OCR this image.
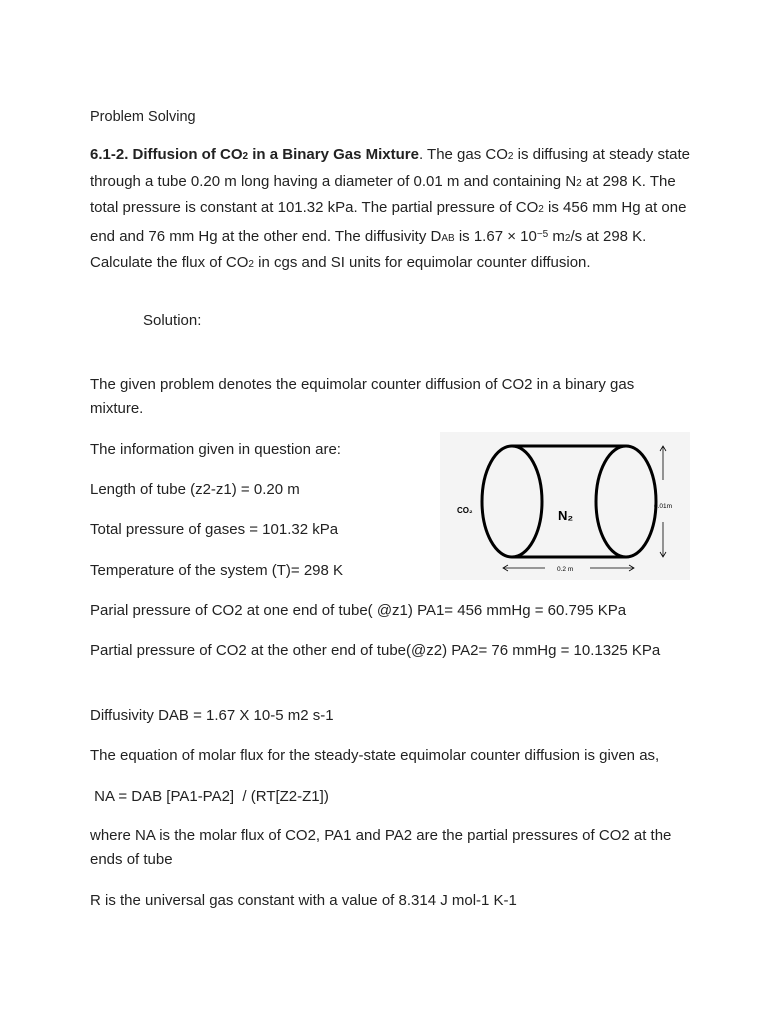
Problem Solving

6.1-2. Diffusion of CO2 in a Binary Gas Mixture. The gas CO2 is diffusing at steady state through a tube 0.20 m long having a diameter of 0.01 m and containing N2 at 298 K. The total pressure is constant at 101.32 kPa. The partial pressure of CO2 is 456 mm Hg at one end and 76 mm Hg at the other end. The diffusivity DAB is $1.67 \times 10^{-5}$ m2/s at 298 K. Calculate the flux of CO2 in cgs and SI units for equimolar counter diffusion.

Solution:
The given problem denotes the equimolar counter diffusion of CO2 in a binary gas mixture.
The information given in question are:
Length of tube (z2-z1) = 0.20 m
Total pressure of gases = 101.32 kPa
Temperature of the system (T)= 298 K
Parial pressure of CO2 at one end of tube( @z1) PA1= 456 mmHg = 60.795 KPa
Partial pressure of CO2 at the other end of tube(@z2) PA2= 76 mmHg = 10.1325 KPa
Diffusivity DAB = 1.67 X 10-5 m2 s-1
The equation of molar flux for the steady-state equimolar counter diffusion is given as,
NA = DAB [PA1-PA2]  / (RT[Z2-Z1])
where NA is the molar flux of CO2, PA1 and PA2 are the partial pressures of CO2 at the ends of tube
R is the universal gas constant with a value of 8.314 J mol-1 K-1
CO₂	N₂
0.01m
0.2 m
